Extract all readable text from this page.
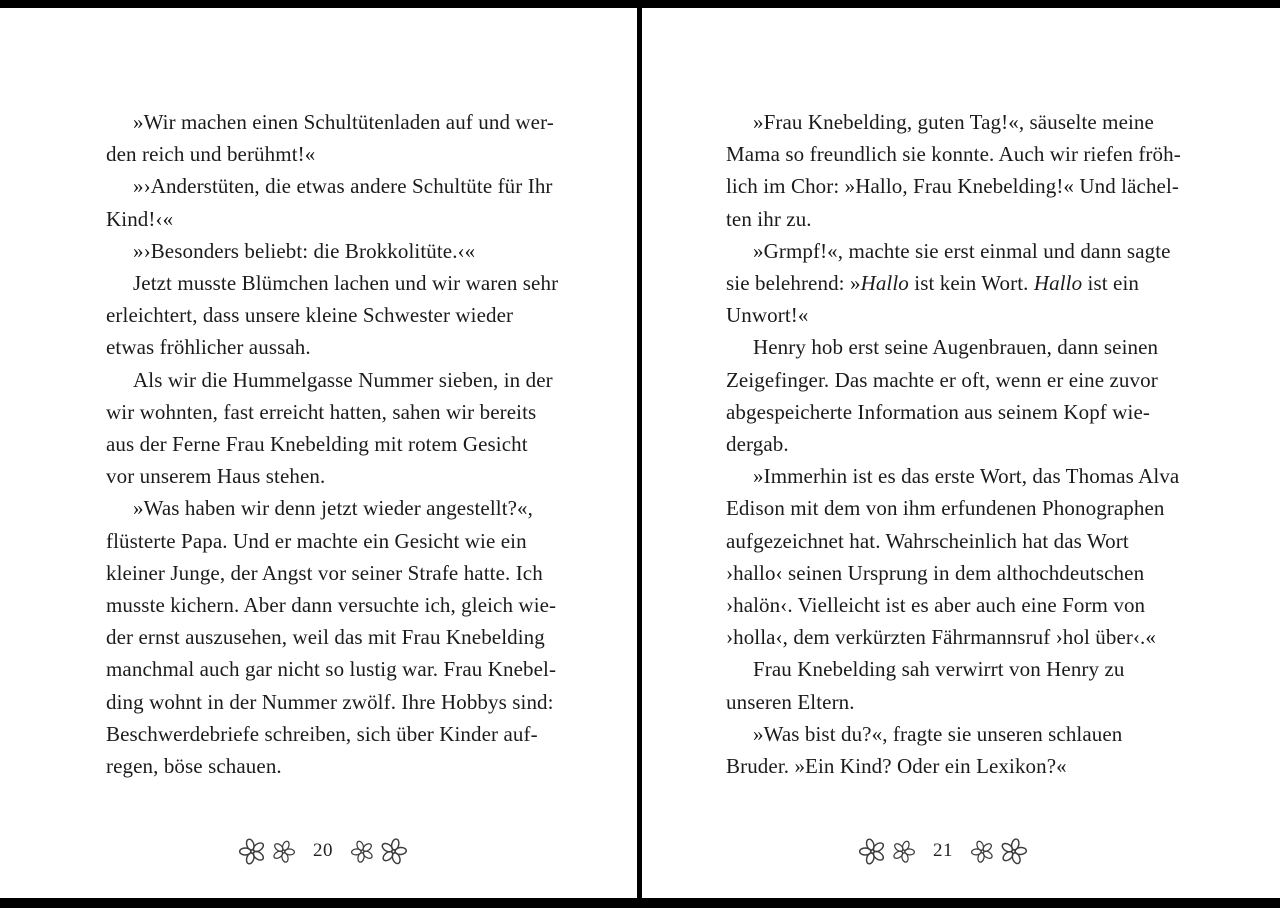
»Wir machen einen Schultütenladen auf und wer-
den reich und berühmt!«
»›Anderstüten, die etwas andere Schultüte für Ihr
Kind!‹«
»›Besonders beliebt: die Brokkolitüte.‹«
Jetzt musste Blümchen lachen und wir waren sehr
erleichtert, dass unsere kleine Schwester wieder
etwas fröhlicher aussah.
Als wir die Hummelgasse Nummer sieben, in der
wir wohnten, fast erreicht hatten, sahen wir bereits
aus der Ferne Frau Knebelding mit rotem Gesicht
vor unserem Haus stehen.
»Was haben wir denn jetzt wieder angestellt?«,
flüsterte Papa. Und er machte ein Gesicht wie ein
kleiner Junge, der Angst vor seiner Strafe hatte. Ich
musste kichern. Aber dann versuchte ich, gleich wie-
der ernst auszusehen, weil das mit Frau Knebelding
manchmal auch gar nicht so lustig war. Frau Knebel-
ding wohnt in der Nummer zwölf. Ihre Hobbys sind:
Beschwerdebriefe schreiben, sich über Kinder auf-
regen, böse schauen.
20
»Frau Knebelding, guten Tag!«, säuselte meine
Mama so freundlich sie konnte. Auch wir riefen fröh-
lich im Chor: »Hallo, Frau Knebelding!« Und lächel-
ten ihr zu.
»Grmpf!«, machte sie erst einmal und dann sagte
sie belehrend: »Hallo ist kein Wort. Hallo ist ein
Unwort!«
Henry hob erst seine Augenbrauen, dann seinen
Zeigefinger. Das machte er oft, wenn er eine zuvor
abgespeicherte Information aus seinem Kopf wie-
dergab.
»Immerhin ist es das erste Wort, das Thomas Alva
Edison mit dem von ihm erfundenen Phonographen
aufgezeichnet hat. Wahrscheinlich hat das Wort
›hallo‹ seinen Ursprung in dem althochdeutschen
›halön‹. Vielleicht ist es aber auch eine Form von
›holla‹, dem verkürzten Fährmannsruf ›hol über‹.«
Frau Knebelding sah verwirrt von Henry zu
unseren Eltern.
»Was bist du?«, fragte sie unseren schlauen
Bruder. »Ein Kind? Oder ein Lexikon?«
21
